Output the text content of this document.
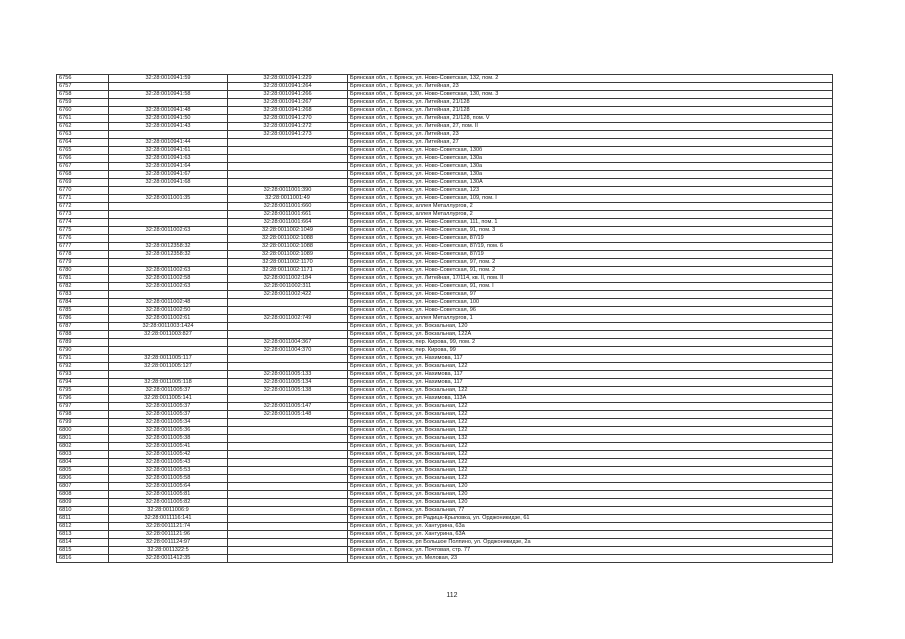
6756	32:28:0010941:59	32:28:0010941:229	Брянская обл., г. Брянск, ул. Ново-Советская, 132, пом. 2
6757		32:28:0010941:264	Брянская обл., г. Брянск, ул. Литейная, 23
6758	32:28:0010941:58	32:28:0010941:266	Брянская обл., г. Брянск, ул. Ново-Советская, 130, пом. 3
6759		32:28:0010941:267	Брянская обл., г. Брянск, ул. Литейная, 21/128
6760	32:28:0010941:48	32:28:0010941:268	Брянская обл., г. Брянск, ул. Литейная, 21/128
6761	32:28:0010941:50	32:28:0010941:270	Брянская обл., г. Брянск, ул. Литейная, 21/128, пом. V
6762	32:28:0010941:43	32:28:0010941:272	Брянская обл., г. Брянск, ул. Литейная, 27, пом. II
6763		32:28:0010941:273	Брянская обл., г. Брянск, ул. Литейная, 23
6764	32:28:0010941:44		Брянская обл., г. Брянск, ул. Литейная, 27
6765	32:28:0010941:61		Брянская обл., г. Брянск, ул. Ново-Советская, 130б
6766	32:28:0010941:63		Брянская обл., г. Брянск, ул. Ново-Советская, 130а
6767	32:28:0010941:64		Брянская обл., г. Брянск, ул. Ново-Советская, 130а
6768	32:28:0010941:67		Брянская обл., г. Брянск, ул. Ново-Советская, 130а
6769	32:28:0010941:68		Брянская обл., г. Брянск, ул. Ново-Советская, 130А
6770		32:28:0011001:390	Брянская обл., г. Брянск, ул. Ново-Советская, 123
6771	32:28:0011001:35	32:28:0011001:49	Брянская обл., г. Брянск, ул. Ново-Советская, 109, пом. I
6772		32:28:0011001:660	Брянская обл., г. Брянск, аллея Металлургов, 2
6773		32:28:0011001:661	Брянская обл., г. Брянск, аллея Металлургов, 2
6774		32:28:0011001:664	Брянская обл., г. Брянск, ул. Ново-Советская, 111, пом. 1
6775	32:28:0011002:63	32:28:0011002:1049	Брянская обл., г. Брянск, ул. Ново-Советская, 91, пом. 3
6776		32:28:0011002:1088	Брянская обл., г. Брянск, ул. Ново-Советская, 87/19
6777	32:28:0012358:32	32:28:0011002:1088	Брянская обл., г. Брянск, ул. Ново-Советская, 87/19, пом. 6
6778	32:28:0012358:32	32:28:0011002:1089	Брянская обл., г. Брянск, ул. Ново-Советская, 87/19
6779		32:28:0011002:1170	Брянская обл., г. Брянск, ул. Ново-Советская, 97, пом. 2
6780	32:28:0011002:63	32:28:0011002:1171	Брянская обл., г. Брянск, ул. Ново-Советская, 91, пом. 2
6781	32:28:0011002:58	32:28:0011002:184	Брянская обл., г. Брянск, ул. Литейная, 17/114, кв. II, пом. II
6782	32:28:0011002:63	32:28:0011002:311	Брянская обл., г. Брянск, ул. Ново-Советская, 91, пом. I
6783		32:28:0011002:422	Брянская обл., г. Брянск, ул. Ново-Советская, 97
6784	32:28:0011002:48		Брянская обл., г. Брянск, ул. Ново-Советская, 100
6785	32:28:0011002:50		Брянская обл., г. Брянск, ул. Ново-Советская, 96
6786	32:28:0011002:61	32:28:0011002:749	Брянская обл., г. Брянск, аллея Металлургов, 1
6787	32:28:0011003:1424		Брянская обл., г. Брянск, ул. Вокзальная, 120
6788	32:28:0011003:827		Брянская обл., г. Брянск, ул. Вокзальная, 122А
6789		32:28:0011004:367	Брянская обл., г. Брянск, пер. Кирова, 99, пом. 2
6790		32:28:0011004:370	Брянская обл., г. Брянск, пер. Кирова, 99
6791	32:28:0011005:117		Брянская обл., г. Брянск, ул. Нахимова, 117
6792	32:28:0011005:127		Брянская обл., г. Брянск, ул. Вокзальная, 122
6793		32:28:0011005:133	Брянская обл., г. Брянск, ул. Нахимова, 117
6794	32:28:0011005:118	32:28:0011005:134	Брянская обл., г. Брянск, ул. Нахимова, 117
6795	32:28:0011005:37	32:28:0011005:138	Брянская обл., г. Брянск, ул. Вокзальная, 122
6796	32:28:0011005:141		Брянская обл., г. Брянск, ул. Нахимова, 113А
6797	32:28:0011005:37	32:28:0011005:147	Брянская обл., г. Брянск, ул. Вокзальная, 122
6798	32:28:0011005:37	32:28:0011005:148	Брянская обл., г. Брянск, ул. Вокзальная, 122
6799	32:28:0011005:34		Брянская обл., г. Брянск, ул. Вокзальная, 122
6800	32:28:0011005:36		Брянская обл., г. Брянск, ул. Вокзальная, 122
6801	32:28:0011005:38		Брянская обл., г. Брянск, ул. Вокзальная, 132
6802	32:28:0011005:41		Брянская обл., г. Брянск, ул. Вокзальная, 122
6803	32:28:0011005:42		Брянская обл., г. Брянск, ул. Вокзальная, 122
6804	32:28:0011005:43		Брянская обл., г. Брянск, ул. Вокзальная, 122
6805	32:28:0011005:53		Брянская обл., г. Брянск, ул. Вокзальная, 122
6806	32:28:0011005:58		Брянская обл., г. Брянск, ул. Вокзальная, 122
6807	32:28:0011005:64		Брянская обл., г. Брянск, ул. Вокзальная, 120
6808	32:28:0011005:81		Брянская обл., г. Брянск, ул. Вокзальная, 120
6809	32:28:0011005:82		Брянская обл., г. Брянск, ул. Вокзальная, 120
6810	32:28:0011006:9		Брянская обл., г. Брянск, ул. Вокзальная, 77
6811	32:28:0011116:141		Брянская обл., г. Брянск, рп Радица-Крыловка, ул. Орджоникидзе, 61
6812	32:28:0011121:74		Брянская обл., г. Брянск, ул. Хантурина, 63а
6813	32:28:0011121:96		Брянская обл., г. Брянск, ул. Хантурина, 63А
6814	32:28:0011124:97		Брянская обл., г. Брянск, рп Большое Полпино, ул. Орджоникидзе, 2а
6815	32:28:0011322:5		Брянская обл., г. Брянск, ул. Почтовая, стр. 77
6816	32:28:0011412:35		Брянская обл., г. Брянск, ул. Меловая, 23
112
